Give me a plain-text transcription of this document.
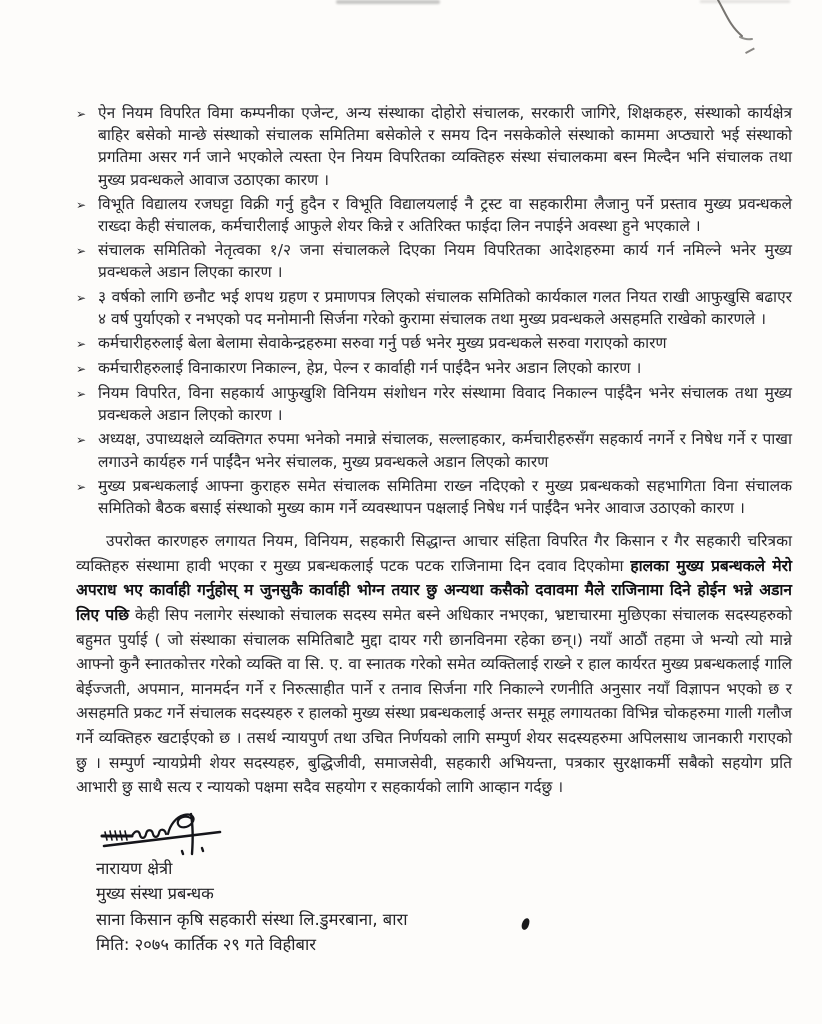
➢ ऐन नियम विपरित विमा कम्पनीका एजेन्ट, अन्य संस्थाका दोहोरो संचालक, सरकारी जागिरे, शिक्षकहरु, संस्थाको कार्यक्षेत्र बाहिर बसेको मान्छे संस्थाको संचालक समितिमा बसेकोले र समय दिन नसकेकोले संस्थाको काममा अप्ठ्यारो भई संस्थाको प्रगतिमा असर गर्न जाने भएकोले त्यस्ता ऐन नियम विपरितका व्यक्तिहरु संस्था संचालकमा बस्न मिल्दैन भनि संचालक तथा मुख्य प्रवन्धकले आवाज उठाएका कारण ।
➢ विभूति विद्यालय रजघट्टा विक्री गर्नु हुदैन र विभूति विद्यालयलाई नै ट्रस्ट वा सहकारीमा लैजानु पर्ने प्रस्ताव मुख्य प्रवन्धकले राख्दा केही संचालक, कर्मचारीलाई आफुले शेयर किन्ने र अतिरिक्त फाईदा लिन नपाईने अवस्था हुने भएकाले ।
➢ संचालक समितिको नेतृत्वका १/२ जना संचालकले दिएका नियम विपरितका आदेशहरुमा कार्य गर्न नमिल्ने भनेर मुख्य प्रवन्धकले अडान लिएका कारण ।
➢ ३ वर्षको लागि छनौट भई शपथ ग्रहण र प्रमाणपत्र लिएको संचालक समितिको कार्यकाल गलत नियत राखी आफुखुसि बढाएर ४ वर्ष पुर्याएको र नभएको पद मनोमानी सिर्जना गरेको कुरामा संचालक तथा मुख्य प्रवन्धकले असहमति राखेको कारणले ।
➢ कर्मचारीहरुलाई बेला बेलामा सेवाकेन्द्रहरुमा सरुवा गर्नु पर्छ भनेर मुख्य प्रवन्धकले सरुवा गराएको कारण
➢ कर्मचारीहरुलाई विनाकारण निकाल्न, हेप्न, पेल्न र कार्वाही गर्न पाईदैन भनेर अडान लिएको कारण ।
➢ नियम विपरित, विना सहकार्य आफुखुशि विनियम संशोधन गरेर संस्थामा विवाद निकाल्न पाईदैन भनेर संचालक तथा मुख्य प्रवन्धकले अडान लिएको कारण ।
➢ अध्यक्ष, उपाध्यक्षले व्यक्तिगत रुपमा भनेको नमान्ने संचालक, सल्लाहकार, कर्मचारीहरुसँग सहकार्य नगर्ने र निषेध गर्ने र पाखा लगाउने कार्यहरु गर्न पाईंदैन भनेर संचालक, मुख्य प्रवन्धकले अडान लिएको कारण
➢ मुख्य प्रबन्धकलाई आफ्ना कुराहरु समेत संचालक समितिमा राख्न नदिएको र मुख्य प्रबन्धकको सहभागिता विना संचालक समितिको बैठक बसाई संस्थाको मुख्य काम गर्ने व्यवस्थापन पक्षलाई निषेध गर्न पाईंदैन भनेर आवाज उठाएको कारण ।

उपरोक्त कारणहरु लगायत नियम, विनियम, सहकारी सिद्धान्त आचार संहिता विपरित गैर किसान र गैर सहकारी चरित्रका व्यक्तिहरु संस्थामा हावी भएका र मुख्य प्रबन्धकलाई पटक पटक राजिनामा दिन दवाव दिएकोमा हालका मुख्य प्रबन्धकले मेरो अपराध भए कार्वाही गर्नुहोस् म जुनसुकै कार्वाही भोग्न तयार छु अन्यथा कसैको दवावमा मैले राजिनामा दिने होईन भन्ने अडान लिए पछि केही सिप नलागेर संस्थाको संचालक सदस्य समेत बस्ने अधिकार नभएका, भ्रष्टाचारमा मुछिएका संचालक सदस्यहरुको बहुमत पुर्याई ( जो संस्थाका संचालक समितिबाटै मुद्दा दायर गरी छानविनमा रहेका छन्।) नयाँ आठौं तहमा जे भन्यो त्यो मान्ने आफ्नो कुनै स्नातकोत्तर गरेको व्यक्ति वा सि. ए. वा स्नातक गरेको समेत व्यक्तिलाई राख्ने र हाल कार्यरत मुख्य प्रबन्धकलाई गालि बेईज्जती, अपमान, मानमर्दन गर्ने र निरुत्साहीत पार्ने र तनाव सिर्जना गरि निकाल्ने रणनीति अनुसार नयाँ विज्ञापन भएको छ र असहमति प्रकट गर्ने संचालक सदस्यहरु र हालको मुख्य संस्था प्रबन्धकलाई अन्तर समूह लगायतका विभिन्न चोकहरुमा गाली गलौज गर्ने व्यक्तिहरु खटाईएको छ । तसर्थ न्यायपुर्ण तथा उचित निर्णयको लागि सम्पुर्ण शेयर सदस्यहरुमा अपिलसाथ जानकारी गराएको छु । सम्पुर्ण न्यायप्रेमी शेयर सदस्यहरु, बुद्धिजीवी, समाजसेवी, सहकारी अभियन्ता, पत्रकार सुरक्षाकर्मी सबैको सहयोग प्रति आभारी छु साथै सत्य र न्यायको पक्षमा सदैव सहयोग र सहकार्यको लागि आव्हान गर्दछु ।

नारायण क्षेत्री
मुख्य संस्था प्रबन्धक
साना किसान कृषि सहकारी संस्था लि.डुमरबाना, बारा
मिति: २०७५ कार्तिक २९ गते विहीबार
